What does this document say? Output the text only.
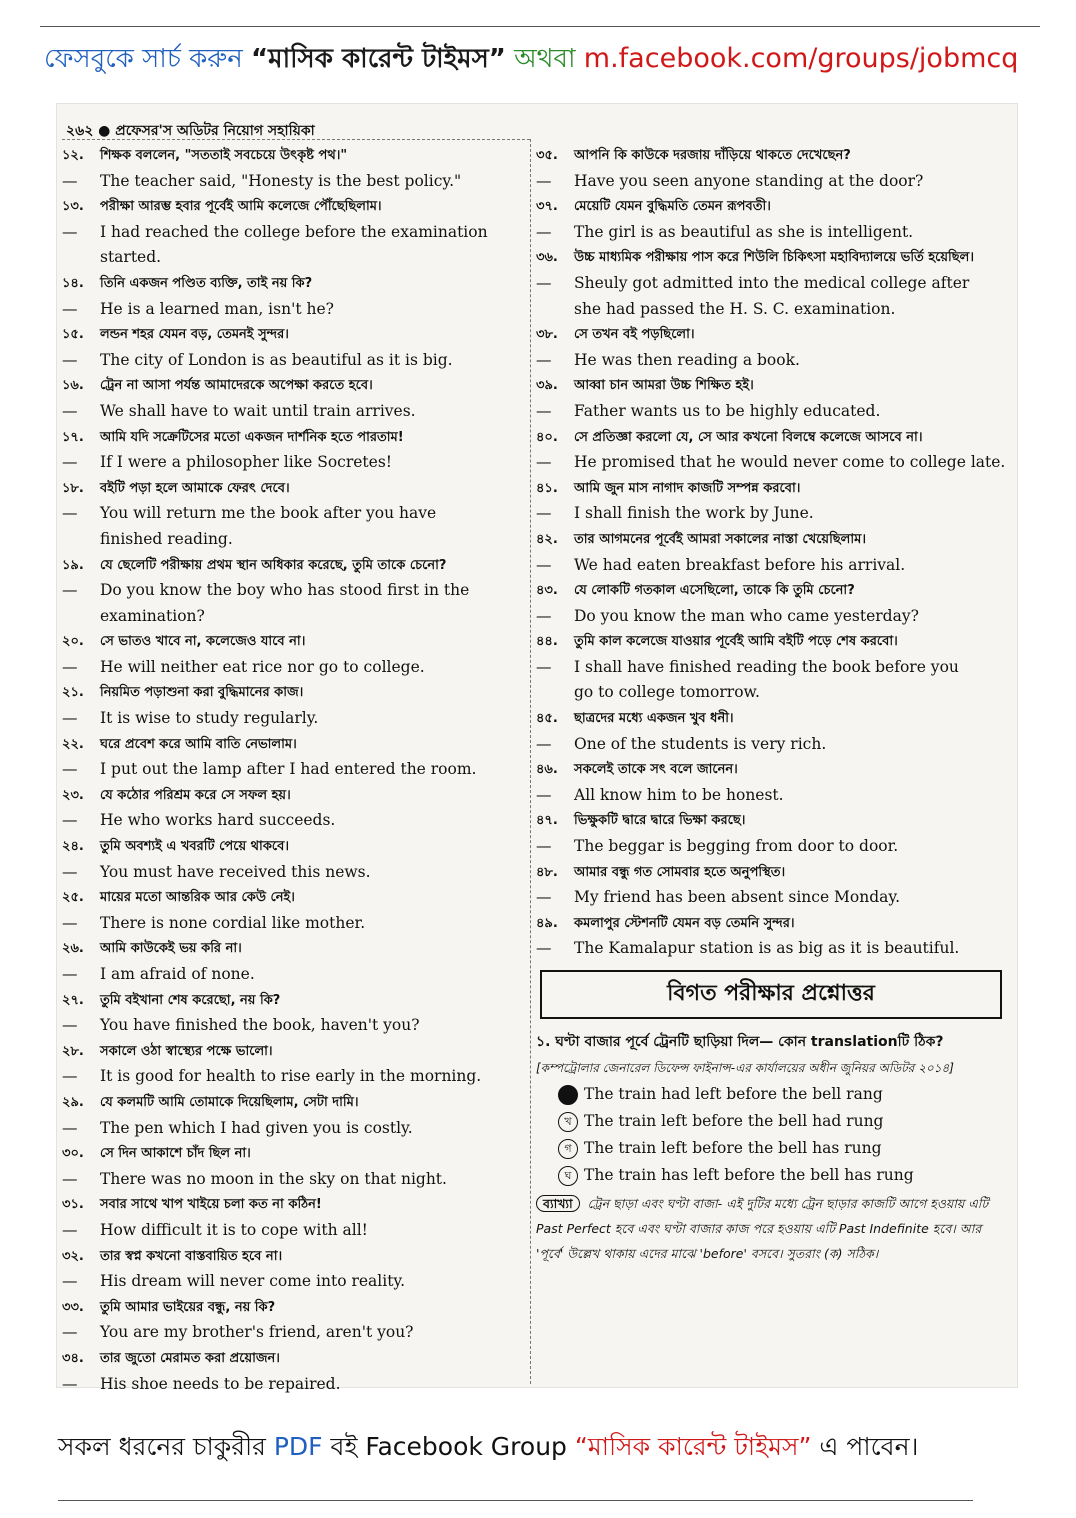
ফেসবুকে সার্চ করুন “মাসিক কারেন্ট টাইমস” অথবা m.facebook.com/groups/jobmcq
২৬২ ● প্রফেসর'স অডিটর নিয়োগ সহায়িকা
১২.	শিক্ষক বললেন, "সততাই সবচেয়ে উৎকৃষ্ট পথ।"
—	The teacher said, "Honesty is the best policy."
১৩.	পরীক্ষা আরম্ভ হবার পূর্বেই আমি কলেজে পৌঁছেছিলাম।
—	I had reached the college before the examination started.
১৪.	তিনি একজন পণ্ডিত ব্যক্তি, তাই নয় কি?
—	He is a learned man, isn't he?
১৫.	লন্ডন শহর যেমন বড়, তেমনই সুন্দর।
—	The city of London is as beautiful as it is big.
১৬.	ট্রেন না আসা পর্যন্ত আমাদেরকে অপেক্ষা করতে হবে।
—	We shall have to wait until train arrives.
১৭.	আমি যদি সক্রেটিসের মতো একজন দার্শনিক হতে পারতাম!
—	If I were a philosopher like Socretes!
১৮.	বইটি পড়া হলে আমাকে ফেরৎ দেবে।
—	You will return me the book after you have
finished reading.
১৯.	যে ছেলেটি পরীক্ষায় প্রথম স্থান অধিকার করেছে, তুমি তাকে চেনো?
—	Do you know the boy who has stood first in the
examination?
২০.	সে ভাতও খাবে না, কলেজেও যাবে না।
—	He will neither eat rice nor go to college.
২১.	নিয়মিত পড়াশুনা করা বুদ্ধিমানের কাজ।
—	It is wise to study regularly.
২২.	ঘরে প্রবেশ করে আমি বাতি নেভালাম।
—	I put out the lamp after I had entered the room.
২৩.	যে কঠোর পরিশ্রম করে সে সফল হয়।
—	He who works hard succeeds.
২৪.	তুমি অবশ্যই এ খবরটি পেয়ে থাকবে।
—	You must have received this news.
২৫.	মায়ের মতো আন্তরিক আর কেউ নেই।
—	There is none cordial like mother.
২৬.	আমি কাউকেই ভয় করি না।
—	I am afraid of none.
২৭.	তুমি বইখানা শেষ করেছো, নয় কি?
—	You have finished the book, haven't you?
২৮.	সকালে ওঠা স্বাস্থ্যের পক্ষে ভালো।
—	It is good for health to rise early in the morning.
২৯.	যে কলমটি আমি তোমাকে দিয়েছিলাম, সেটা দামি।
—	The pen which I had given you is costly.
৩০.	সে দিন আকাশে চাঁদ ছিল না।
—	There was no moon in the sky on that night.
৩১.	সবার সাথে খাপ খাইয়ে চলা কত না কঠিন!
—	How difficult it is to cope with all!
৩২.	তার স্বপ্ন কখনো বাস্তবায়িত হবে না।
—	His dream will never come into reality.
৩৩.	তুমি আমার ভাইয়ের বন্ধু, নয় কি?
—	You are my brother's friend, aren't you?
৩৪.	তার জুতো মেরামত করা প্রয়োজন।
—	His shoe needs to be repaired.
৩৫.	আপনি কি কাউকে দরজায় দাঁড়িয়ে থাকতে দেখেছেন?
—	Have you seen anyone standing at the door?
৩৭.	মেয়েটি যেমন বুদ্ধিমতি তেমন রূপবতী।
—	The girl is as beautiful as she is intelligent.
৩৬.	উচ্চ মাধ্যমিক পরীক্ষায় পাস করে শিউলি চিকিৎসা মহাবিদ্যালয়ে ভর্তি হয়েছিল।
—	Sheuly got admitted into the medical college after
she had passed the H. S. C. examination.
৩৮.	সে তখন বই পড়ছিলো।
—	He was then reading a book.
৩৯.	আব্বা চান আমরা উচ্চ শিক্ষিত হই।
—	Father wants us to be highly educated.
৪০.	সে প্রতিজ্ঞা করলো যে, সে আর কখনো বিলম্বে কলেজে আসবে না।
—	He promised that he would never come to college late.
৪১.	আমি জুন মাস নাগাদ কাজটি সম্পন্ন করবো।
—	I shall finish the work by June.
৪২.	তার আগমনের পূর্বেই আমরা সকালের নাস্তা খেয়েছিলাম।
—	We had eaten breakfast before his arrival.
৪৩.	যে লোকটি গতকাল এসেছিলো, তাকে কি তুমি চেনো?
—	Do you know the man who came yesterday?
৪৪.	তুমি কাল কলেজে যাওয়ার পূর্বেই আমি বইটি পড়ে শেষ করবো।
—	I shall have finished reading the book before you
go to college tomorrow.
৪৫.	ছাত্রদের মধ্যে একজন খুব ধনী।
—	One of the students is very rich.
৪৬.	সকলেই তাকে সৎ বলে জানেন।
—	All know him to be honest.
৪৭.	ভিক্ষুকটি দ্বারে দ্বারে ভিক্ষা করছে।
—	The beggar is begging from door to door.
৪৮.	আমার বন্ধু গত সোমবার হতে অনুপস্থিত।
—	My friend has been absent since Monday.
৪৯.	কমলাপুর স্টেশনটি যেমন বড় তেমনি সুন্দর।
—	The Kamalapur station is as big as it is beautiful.
বিগত পরীক্ষার প্রশ্নোত্তর
১. ঘণ্টা বাজার পূর্বে ট্রেনটি ছাড়িয়া দিল— কোন translationটি ঠিক? [কম্পট্রোলার জেনারেল ডিফেন্স ফাইনান্স-এর কার্যালয়ের অধীন জুনিয়র অডিটর ২০১৪]
The train had left before the bell rang
খ The train left before the bell had rung
গ The train left before the bell has rung
ঘ The train has left before the bell has rung
ব্যাখ্যা ট্রেন ছাড়া এবং ঘণ্টা বাজা- এই দুটির মধ্যে ট্রেন ছাড়ার কাজটি আগে হওয়ায় এটি Past Perfect হবে এবং ঘণ্টা বাজার কাজ পরে হওয়ায় এটি Past Indefinite হবে। আর 'পূর্বে' উল্লেখ থাকায় এদের মাঝে 'before' বসবে। সুতরাং (ক) সঠিক।
সকল ধরনের চাকুরীর PDF বই Facebook Group “মাসিক কারেন্ট টাইমস” এ পাবেন।
